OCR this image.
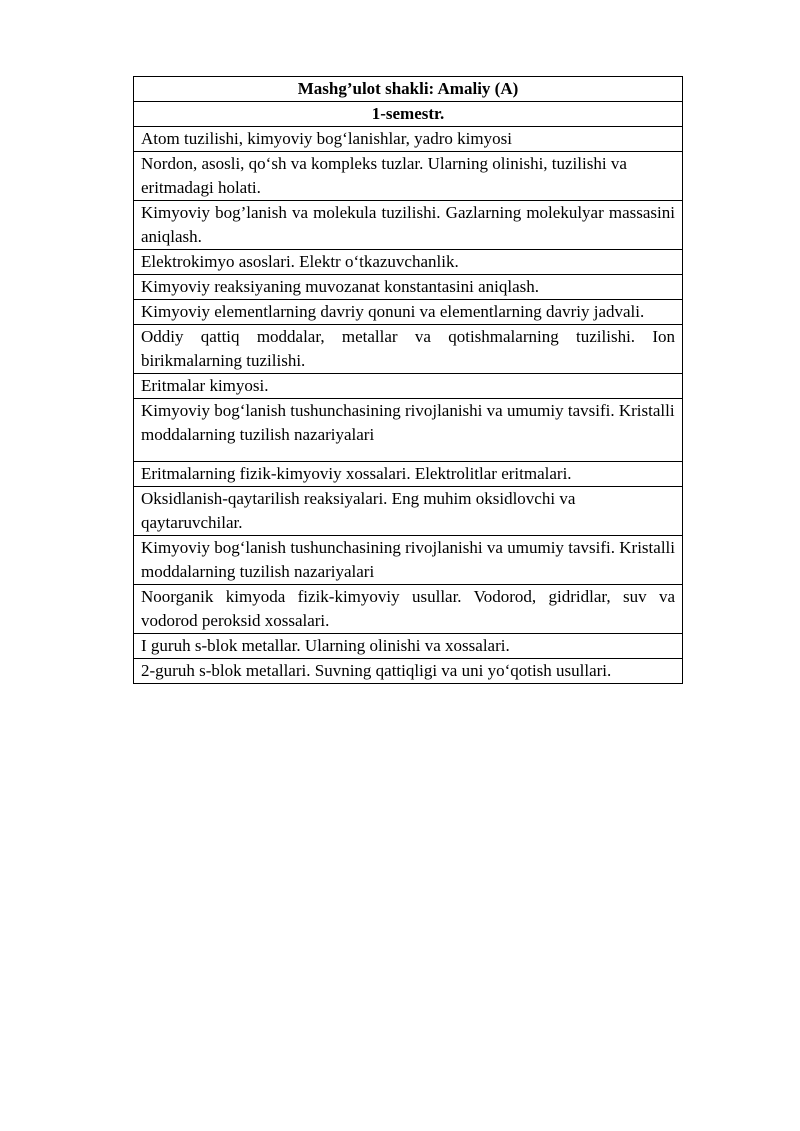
Mashg’ulot shakli: Amaliy (A)
1-semestr.
Atom tuzilishi, kimyoviy bog‘lanishlar, yadro kimyosi
Nordon, asosli, qo‘sh va kompleks tuzlar. Ularning olinishi, tuzilishi va eritmadagi holati.
Kimyoviy bog’lanish va molekula tuzilishi. Gazlarning molekulyar massasini aniqlash.
Elektrokimyo asoslari. Elektr o‘tkazuvchanlik.
Kimyoviy reaksiyaning muvozanat konstantasini aniqlash.
Kimyoviy elementlarning davriy qonuni va elementlarning davriy jadvali.
Oddiy qattiq moddalar, metallar va qotishmalarning tuzilishi. Ion birikmalarning tuzilishi.
Eritmalar kimyosi.
Kimyoviy bog‘lanish tushunchasining rivojlanishi va umumiy tavsifi. Kristalli moddalarning tuzilish nazariyalari
Eritmalarning fizik-kimyoviy xossalari. Elektrolitlar eritmalari.
Oksidlanish-qaytarilish reaksiyalari. Eng muhim oksidlovchi va qaytaruvchilar.
Kimyoviy bog‘lanish tushunchasining rivojlanishi va umumiy tavsifi. Kristalli moddalarning tuzilish nazariyalari
Noorganik kimyoda fizik-kimyoviy usullar. Vodorod, gidridlar, suv va vodorod peroksid xossalari.
I guruh s-blok metallar. Ularning olinishi va xossalari.
2-guruh s-blok metallari. Suvning qattiqligi va uni yo‘qotish usullari.
